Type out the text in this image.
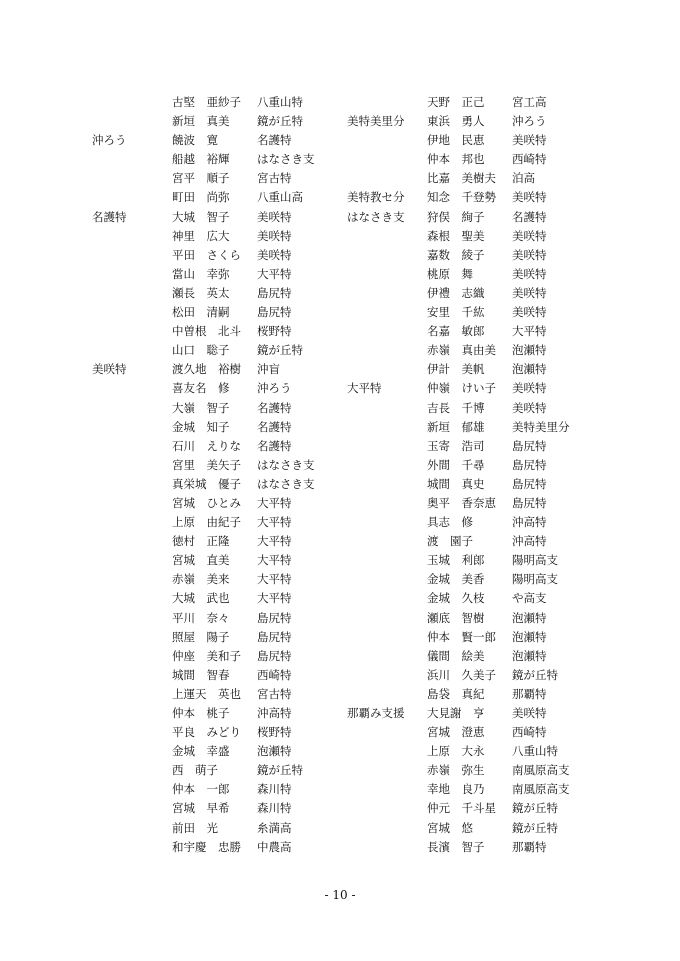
古堅　亜紗子 八重山特
新垣　真美 鏡が丘特
沖ろう	饒波　寛	名護特
船越　裕輝 はなさき支
宮平　順子 宮古特
町田　尚弥 八重山高
名護特	大城　智子 美咲特
神里　広大 美咲特
平田　さくら 美咲特
當山　幸弥 大平特
瀬長　英太 島尻特
松田　清嗣 島尻特
中曽根　北斗 桜野特
山口　聡子 鏡が丘特
美咲特	渡久地　裕樹 沖盲
喜友名　修 沖ろう
大嶺　智子 名護特
金城　知子 名護特
石川　えりな 名護特
宮里　美矢子 はなさき支
真栄城　優子 はなさき支
宮城　ひとみ 大平特
上原　由紀子 大平特
徳村　正隆 大平特
宮城　直美 大平特
赤嶺　美来 大平特
大城　武也 大平特
平川　奈々 島尻特
照屋　陽子 島尻特
仲座　美和子 島尻特
城間　智春 西崎特
上運天　英也 宮古特
仲本　桃子 沖高特
平良　みどり 桜野特
金城　幸盛 泡瀬特
西　萌子	鏡が丘特
仲本　一郎 森川特
宮城　早希 森川特
前田　光	糸満高
和宇慶　忠勝 中農高
天野　正己 宮工高
美特美里分 東浜　勇人 沖ろう
伊地　民恵 美咲特
仲本　邦也 西崎特
比嘉　美樹夫 泊高
美特教セ分 知念　千登勢 美咲特
はなさき支 狩俣　絢子 名護特
森根　聖美 美咲特
嘉数　綾子 美咲特
桃原　舞	美咲特
伊禮　志織 美咲特
安里　千紘 美咲特
名嘉　敏郎 大平特
赤嶺　真由美 泡瀬特
伊計　美帆 泡瀬特
大平特	仲嶺　けい子 美咲特
吉長　千博 美咲特
新垣　郁雄 美特美里分
玉寄　浩司 島尻特
外間　千尋 島尻特
城間　真史 島尻特
奥平　香奈恵 島尻特
具志　修	沖高特
渡　園子	沖高特
玉城　利郎 陽明高支
金城　美香 陽明高支
金城　久枝 や高支
瀬底　智樹 泡瀬特
仲本　賢一郎 泡瀬特
儀間　絵美 泡瀬特
浜川　久美子 鏡が丘特
島袋　真紀 那覇特
那覇み支援 大見謝　亨 美咲特
宮城　澄恵 西崎特
上原　大永 八重山特
赤嶺　弥生 南風原高支
幸地　良乃 南風原高支
仲元　千斗星 鏡が丘特
宮城　悠	鏡が丘特
長濱　智子 那覇特
- 10 -
